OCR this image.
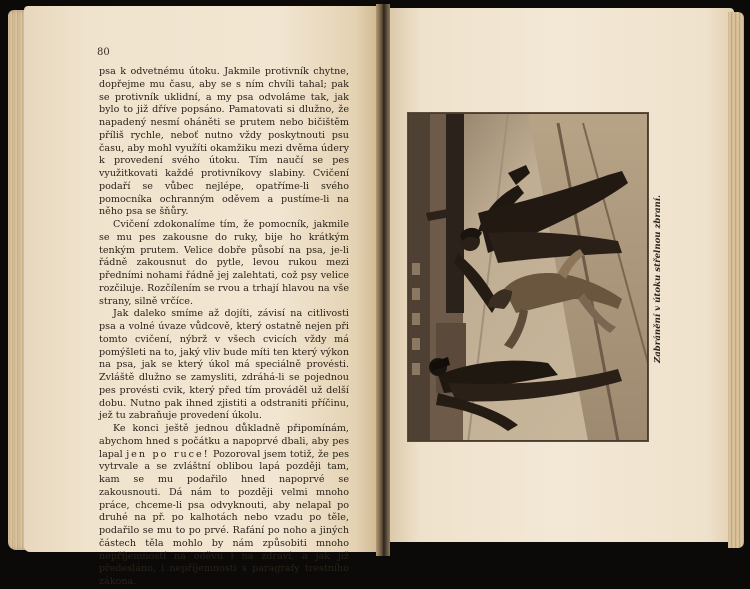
80

psa k odvetnému útoku. Jakmile protivník chytne, dopřejme mu času, aby se s ním chvíli tahal; pak se protivník uklidní, a my psa odvoláme tak, jak bylo to již dříve popsáno. Pamatovati si dlužno, že napadený nesmí oháněti se prutem nebo bičištěm příliš rychle, neboť nutno vždy poskytnouti psu času, aby mohl využíti okamžiku mezi dvěma údery k provedení svého útoku. Tím naučí se pes využitkovati každé protivníkovy slabiny. Cvičení podaří se vůbec nejlépe, opatříme-li svého pomocníka ochranným oděvem a pustíme-li na něho psa se šňůry.

Cvičení zdokonalíme tím, že pomocník, jakmile se mu pes zakousne do ruky, bije ho krátkým tenkým prutem. Velice dobře působí na psa, je-li řádně zakousnut do pytle, levou rukou mezi předními nohami řádně jej zalehtati, což psy velice rozčiluje. Rozčílením se rvou a trhají hlavou na vše strany, silně vrčíce.

Jak daleko smíme až dojíti, závisí na citlivosti psa a volné úvaze vůdcově, který ostatně nejen při tomto cvičení, nýbrž v všech cvicích vždy má pomýšleti na to, jaký vliv bude míti ten který výkon na psa, jak se který úkol má speciálně provésti. Zvláště dlužno se zamysliti, zdráhá-li se pojednou pes provésti cvik, který před tím prováděl už delší dobu. Nutno pak ihned zjistiti a odstraniti příčinu, jež tu zabraňuje provedení úkolu.

Ke konci ještě jednou důkladně připomínám, abychom hned s počátku a napoprvé dbali, aby pes lapal jen po ruce! Pozoroval jsem totiž, že pes vytrvale a se zvláštní oblibou lapá později tam, kam se mu podařilo hned napoprvé se zakousnouti. Dá nám to později velmi mnoho práce, chceme-li psa odvyknouti, aby nelapal po druhé na př. po kalhotách nebo vzadu po těle, podařilo se mu to po prvé. Rafání po noho a jiných částech těla mohlo by nám způsobiti mnoho nepříjemností na oděvu i na zdraví, a jak již předesláno, i nepříjemnosti s paragrafy trestního zákona.

Zabránění v útoku střelnou zbraní.
